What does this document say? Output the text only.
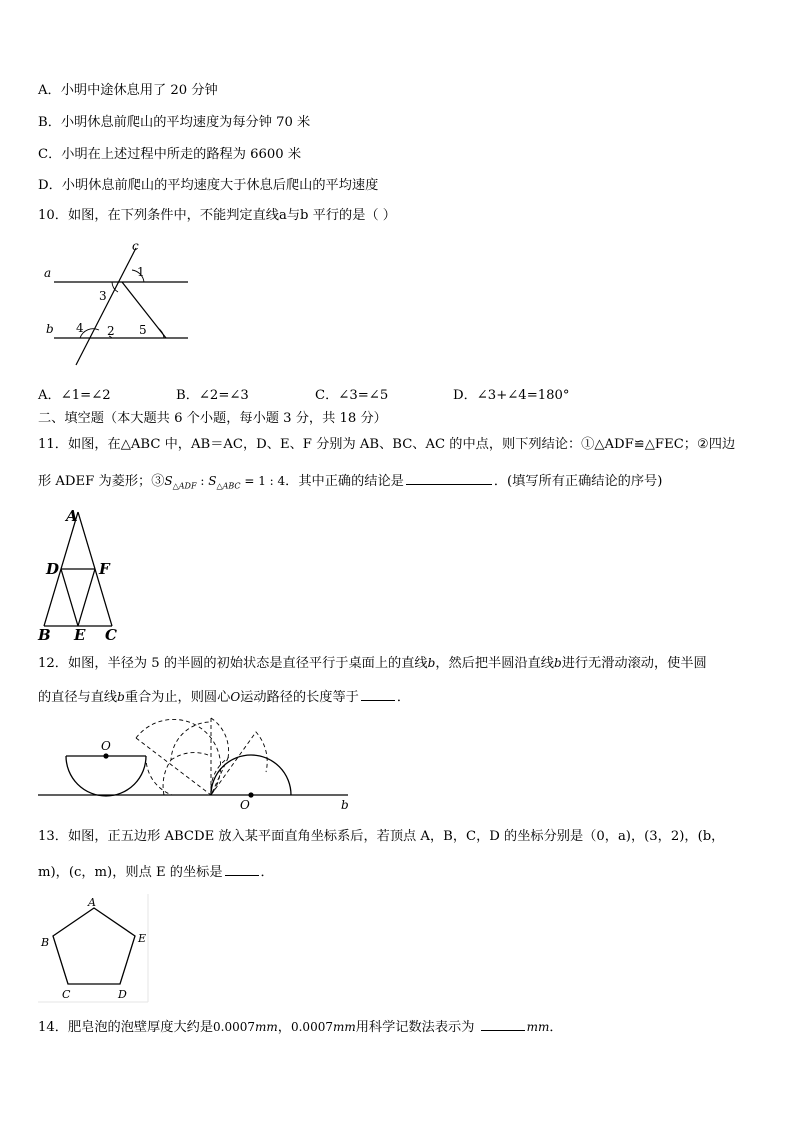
A．小明中途休息用了 20 分钟
B．小明休息前爬山的平均速度为每分钟 70 米
C．小明在上述过程中所走的路程为 6600 米
D．小明休息前爬山的平均速度大于休息后爬山的平均速度
10．如图，在下列条件中，不能判定直线a与b 平行的是（ ）
c
a
b
1
3
4 2 5
A．∠1=∠2	B．∠2=∠3	C．∠3=∠5	D．∠3+∠4=180°
二、填空题（本大题共 6 个小题，每小题 3 分，共 18 分）
11．如图，在△ABC 中，AB＝AC，D、E、F 分别为 AB、BC、AC 的中点，则下列结论：①△ADF≌△FEC；②四边
形 ADEF 为菱形；$③S_{\triangle ADF}$ : $S_{\triangle ABC} = 1$ : 4．其中正确的结论是	．(填写所有正确结论的序号)
A
D	F
B E C
12．如图，半径为 5 的半圆的初始状态是直径平行于桌面上的直线b，然后把半圆沿直线b进行无滑动滚动，使半圆
的直径与直线b重合为止，则圆心O运动路径的长度等于	．
O
O	b
13．如图，正五边形 ABCDE 放入某平面直角坐标系后，若顶点 A，B，C，D 的坐标分别是（0，a)，(3，2)，(b，
m)，(c，m)，则点 E 的坐标是	．
A
B	E
C	D
14．肥皂泡的泡壁厚度大约是0.0007mm，0.0007mm用科学记数法表示为	mm．
